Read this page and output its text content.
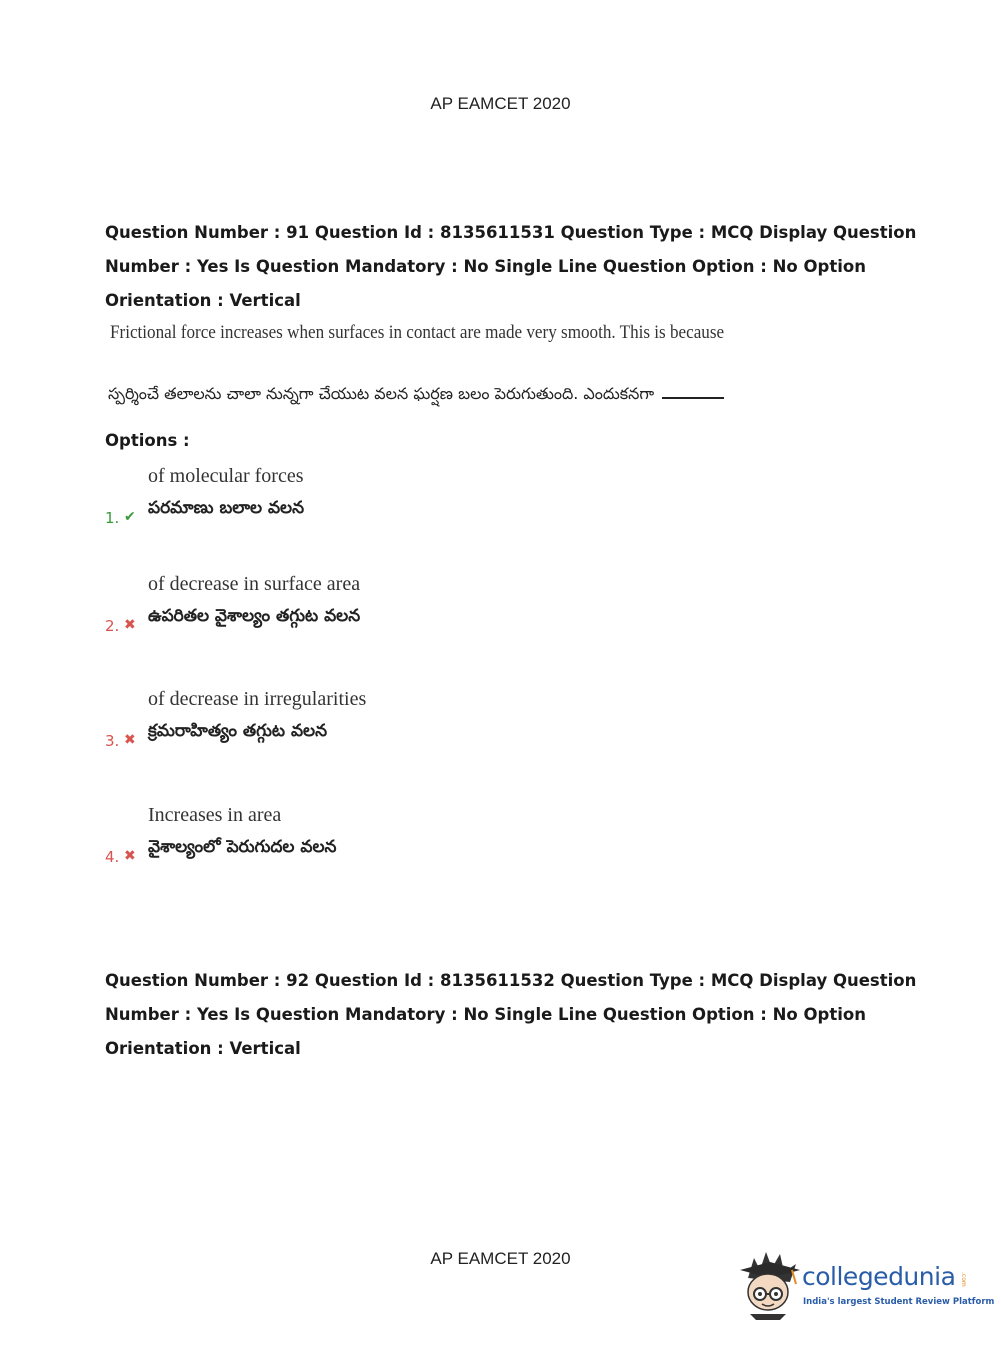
AP EAMCET 2020
Question Number : 91 Question Id : 8135611531 Question Type : MCQ Display Question
Number : Yes Is Question Mandatory : No Single Line Question Option : No Option
Orientation : Vertical
Frictional force increases when surfaces in contact are made very smooth. This is because
స్పర్శించే తలాలను చాలా నున్నగా చేయుట వలన ఘర్షణ బలం పెరుగుతుంది. ఎందుకనగా
Options :
of molecular forces
పరమాణు బలాల వలన
1. ✔
of decrease in surface area
ఉపరితల వైశాల్యం తగ్గుట వలన
2. ✖
of decrease in irregularities
క్రమరాహిత్యం తగ్గుట వలన
3. ✖
Increases in area
వైశాల్యంలో పెరుగుదల వలన
4. ✖
Question Number : 92 Question Id : 8135611532 Question Type : MCQ Display Question
Number : Yes Is Question Mandatory : No Single Line Question Option : No Option
Orientation : Vertical
AP EAMCET 2020
collegedunia .com
India's largest Student Review Platform
